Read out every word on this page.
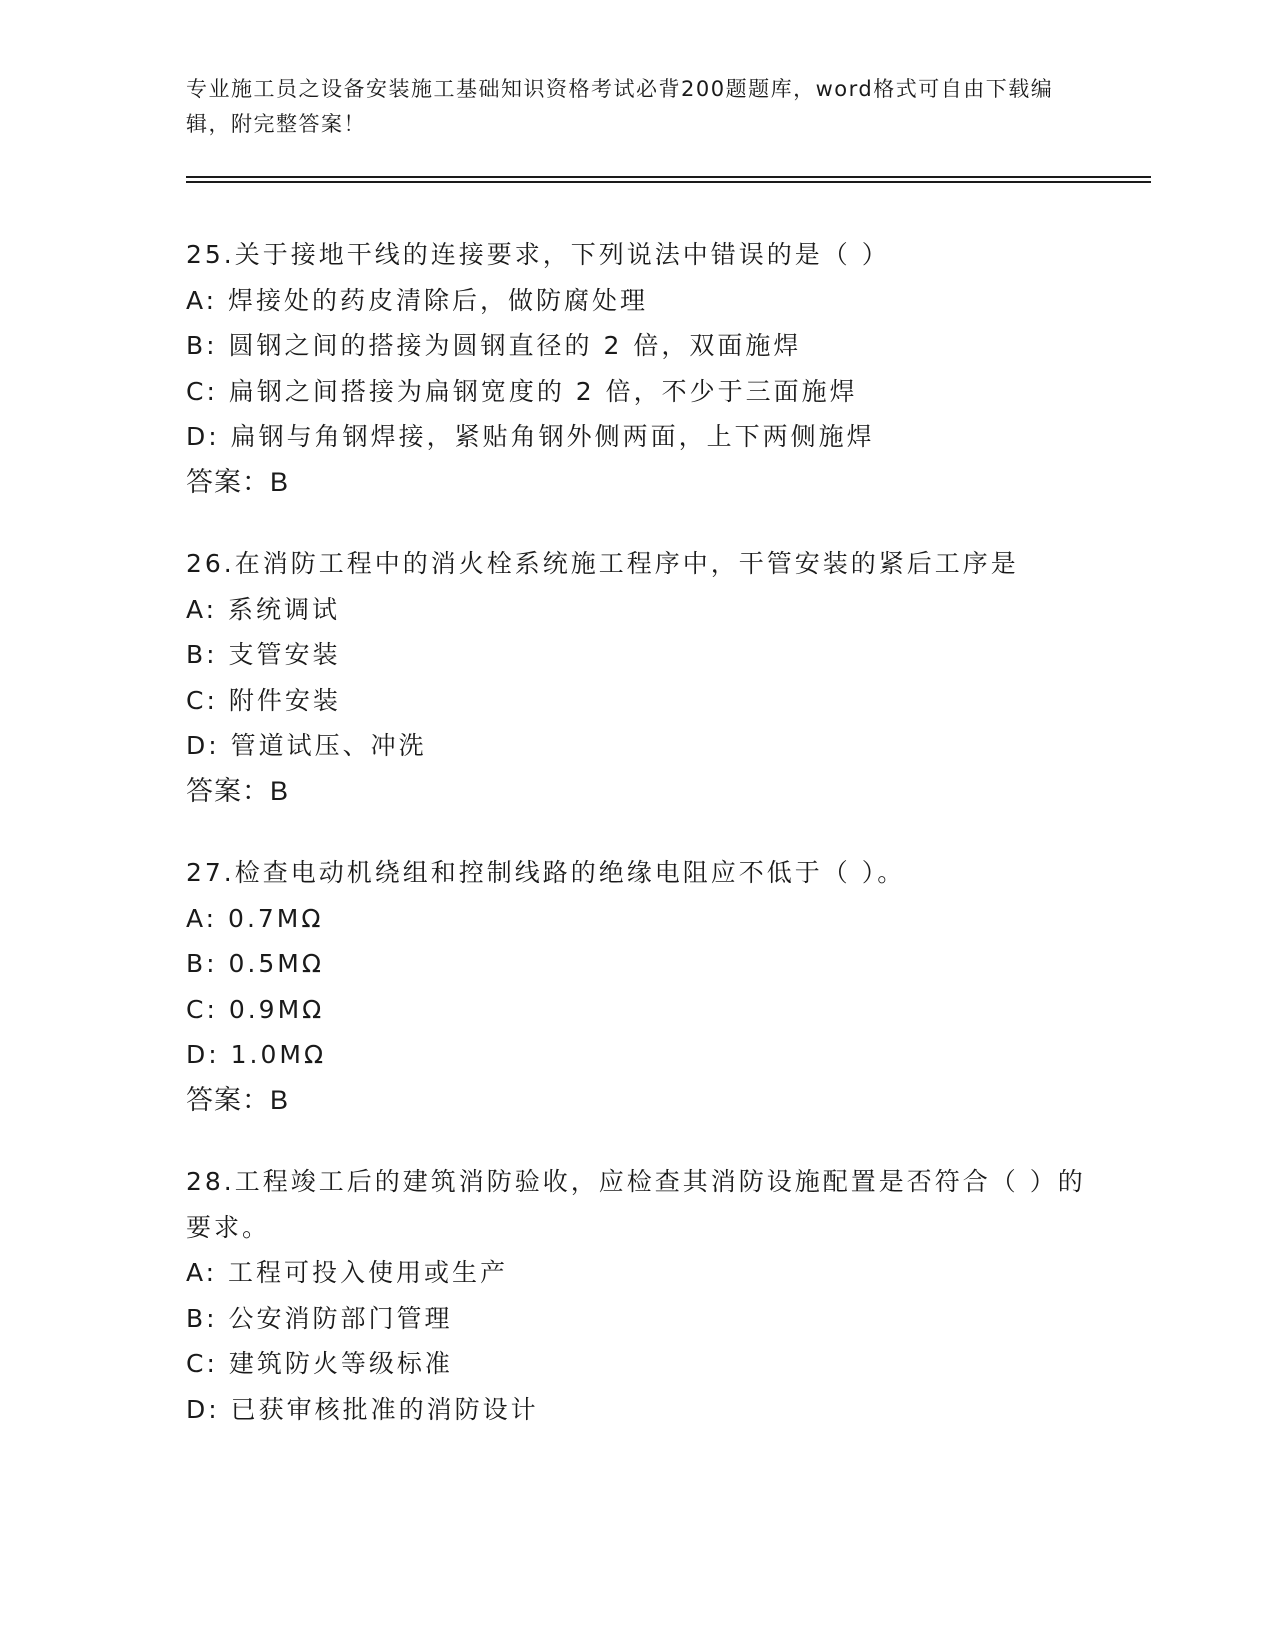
专业施工员之设备安装施工基础知识资格考试必背200题题库，word格式可自由下载编辑，附完整答案！
25.关于接地干线的连接要求，下列说法中错误的是（ ）
A: 焊接处的药皮清除后，做防腐处理
B: 圆钢之间的搭接为圆钢直径的 2 倍，双面施焊
C: 扁钢之间搭接为扁钢宽度的 2 倍，不少于三面施焊
D: 扁钢与角钢焊接，紧贴角钢外侧两面，上下两侧施焊
答案：B
26.在消防工程中的消火栓系统施工程序中，干管安装的紧后工序是
A: 系统调试
B: 支管安装
C: 附件安装
D: 管道试压、冲洗
答案：B
27.检查电动机绕组和控制线路的绝缘电阻应不低于（ ）。
A: 0.7MΩ
B: 0.5MΩ
C: 0.9MΩ
D: 1.0MΩ
答案：B
28.工程竣工后的建筑消防验收，应检查其消防设施配置是否符合（ ）的要求。
A: 工程可投入使用或生产
B: 公安消防部门管理
C: 建筑防火等级标准
D: 已获审核批准的消防设计
